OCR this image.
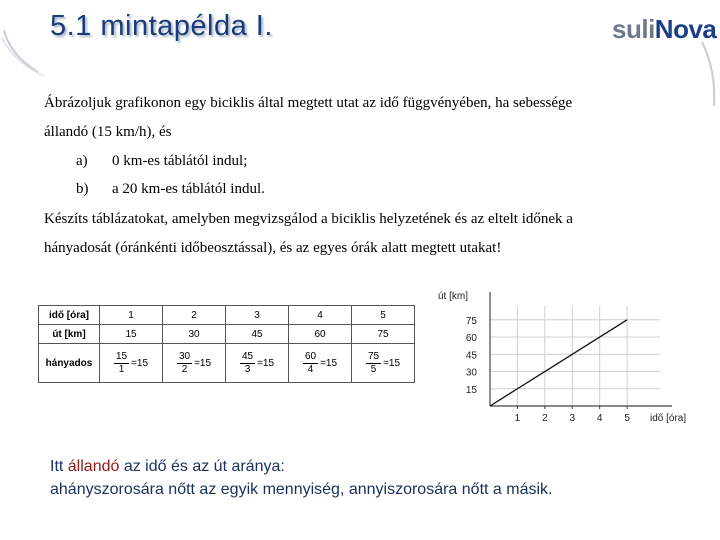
5.1 mintapélda I.	suliNova
Ábrázoljuk grafikonon egy biciklis által megtett utat az idő függvényében, ha sebessége
állandó (15 km/h), és
a) 0 km-es táblától indul;
b) a 20 km-es táblától indul.
Készíts táblázatokat, amelyben megvizsgálod a biciklis helyzetének és az eltelt időnek a
hányadosát (óránkénti időbeosztással), és az egyes órák alatt megtett utakat!
idő [óra]	1	2	3	4	5
út [km]	15	30	45	60	75
hányados	$\frac{15}{1} =15$	$\frac{30}{2} =15$	$\frac{45}{3} =15$	$\frac{60}{4} =15$	$\frac{75}{5} =15$
1 2 3 4 5
15
30
45
60
75
út [km]
idő [óra]
Itt állandó az idő és az út aránya:
ahányszorosára nőtt az egyik mennyiség, annyiszorosára nőtt a másik.
